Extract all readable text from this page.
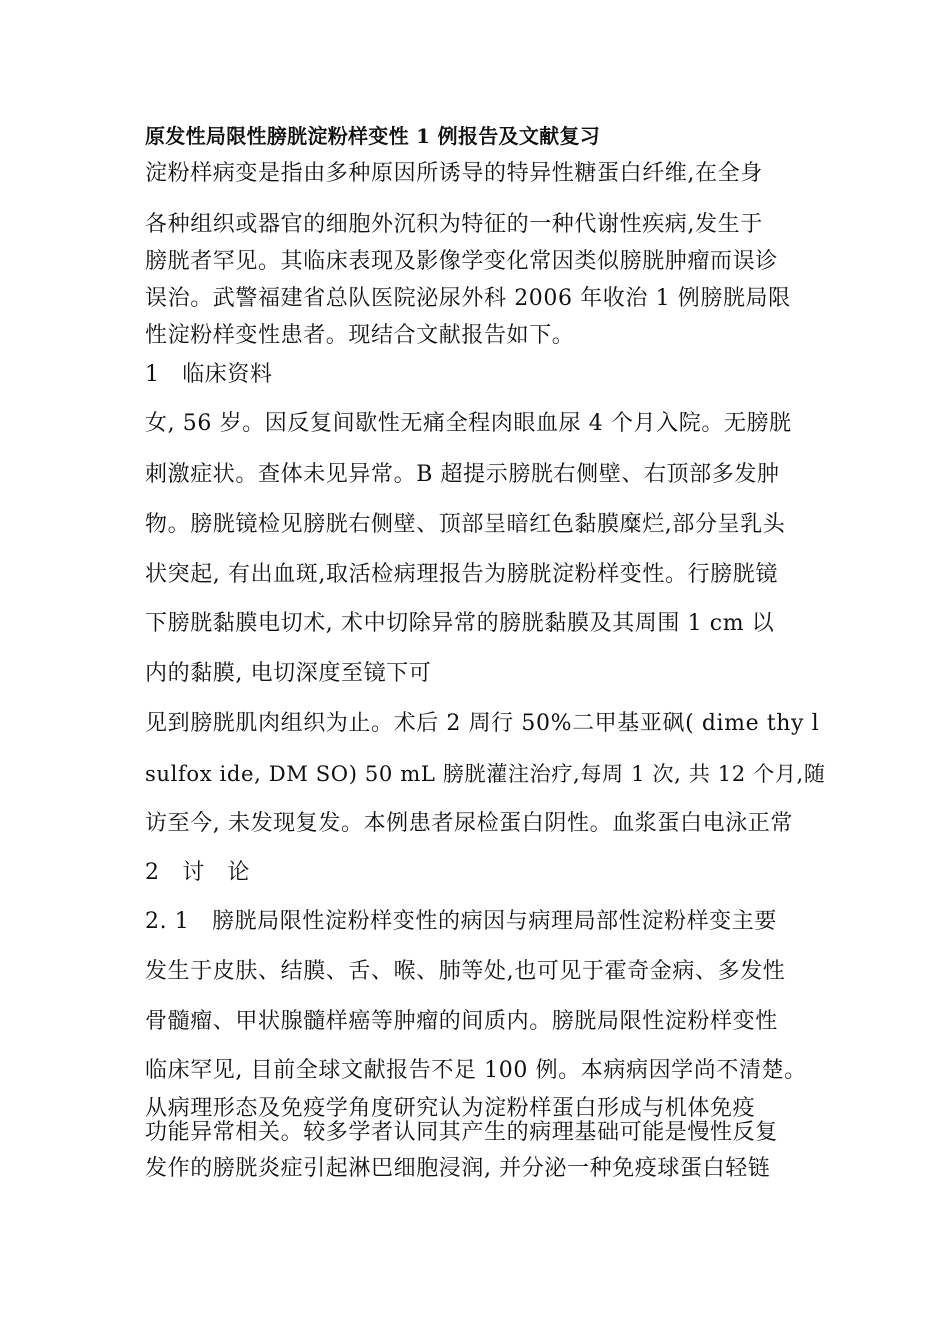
原发性局限性膀胱淀粉样变性 1 例报告及文献复习
淀粉样病变是指由多种原因所诱导的特异性糖蛋白纤维,在全身
各种组织或器官的细胞外沉积为特征的一种代谢性疾病,发生于
膀胱者罕见。其临床表现及影像学变化常因类似膀胱肿瘤而误诊
误治。武警福建省总队医院泌尿外科 2006 年收治 1 例膀胱局限
性淀粉样变性患者。现结合文献报告如下。
1　临床资料
女, 56 岁。因反复间歇性无痛全程肉眼血尿 4 个月入院。无膀胱
刺激症状。查体未见异常。B 超提示膀胱右侧壁、右顶部多发肿
物。膀胱镜检见膀胱右侧壁、顶部呈暗红色黏膜糜烂,部分呈乳头
状突起, 有出血斑,取活检病理报告为膀胱淀粉样变性。行膀胱镜
下膀胱黏膜电切术, 术中切除异常的膀胱黏膜及其周围 1 cm 以
内的黏膜, 电切深度至镜下可
见到膀胱肌肉组织为止。术后 2 周行 50%二甲基亚砜( dime thy l
sulfox ide, DM SO) 50 mL 膀胱灌注治疗,每周 1 次, 共 12 个月,随
访至今, 未发现复发。本例患者尿检蛋白阴性。血浆蛋白电泳正常
2　讨　论
2. 1　膀胱局限性淀粉样变性的病因与病理局部性淀粉样变主要
发生于皮肤、结膜、舌、喉、肺等处,也可见于霍奇金病、多发性
骨髓瘤、甲状腺髓样癌等肿瘤的间质内。膀胱局限性淀粉样变性
临床罕见, 目前全球文献报告不足 100 例。本病病因学尚不清楚。
从病理形态及免疫学角度研究认为淀粉样蛋白形成与机体免疫
功能异常相关。较多学者认同其产生的病理基础可能是慢性反复
发作的膀胱炎症引起淋巴细胞浸润, 并分泌一种免疫球蛋白轻链
